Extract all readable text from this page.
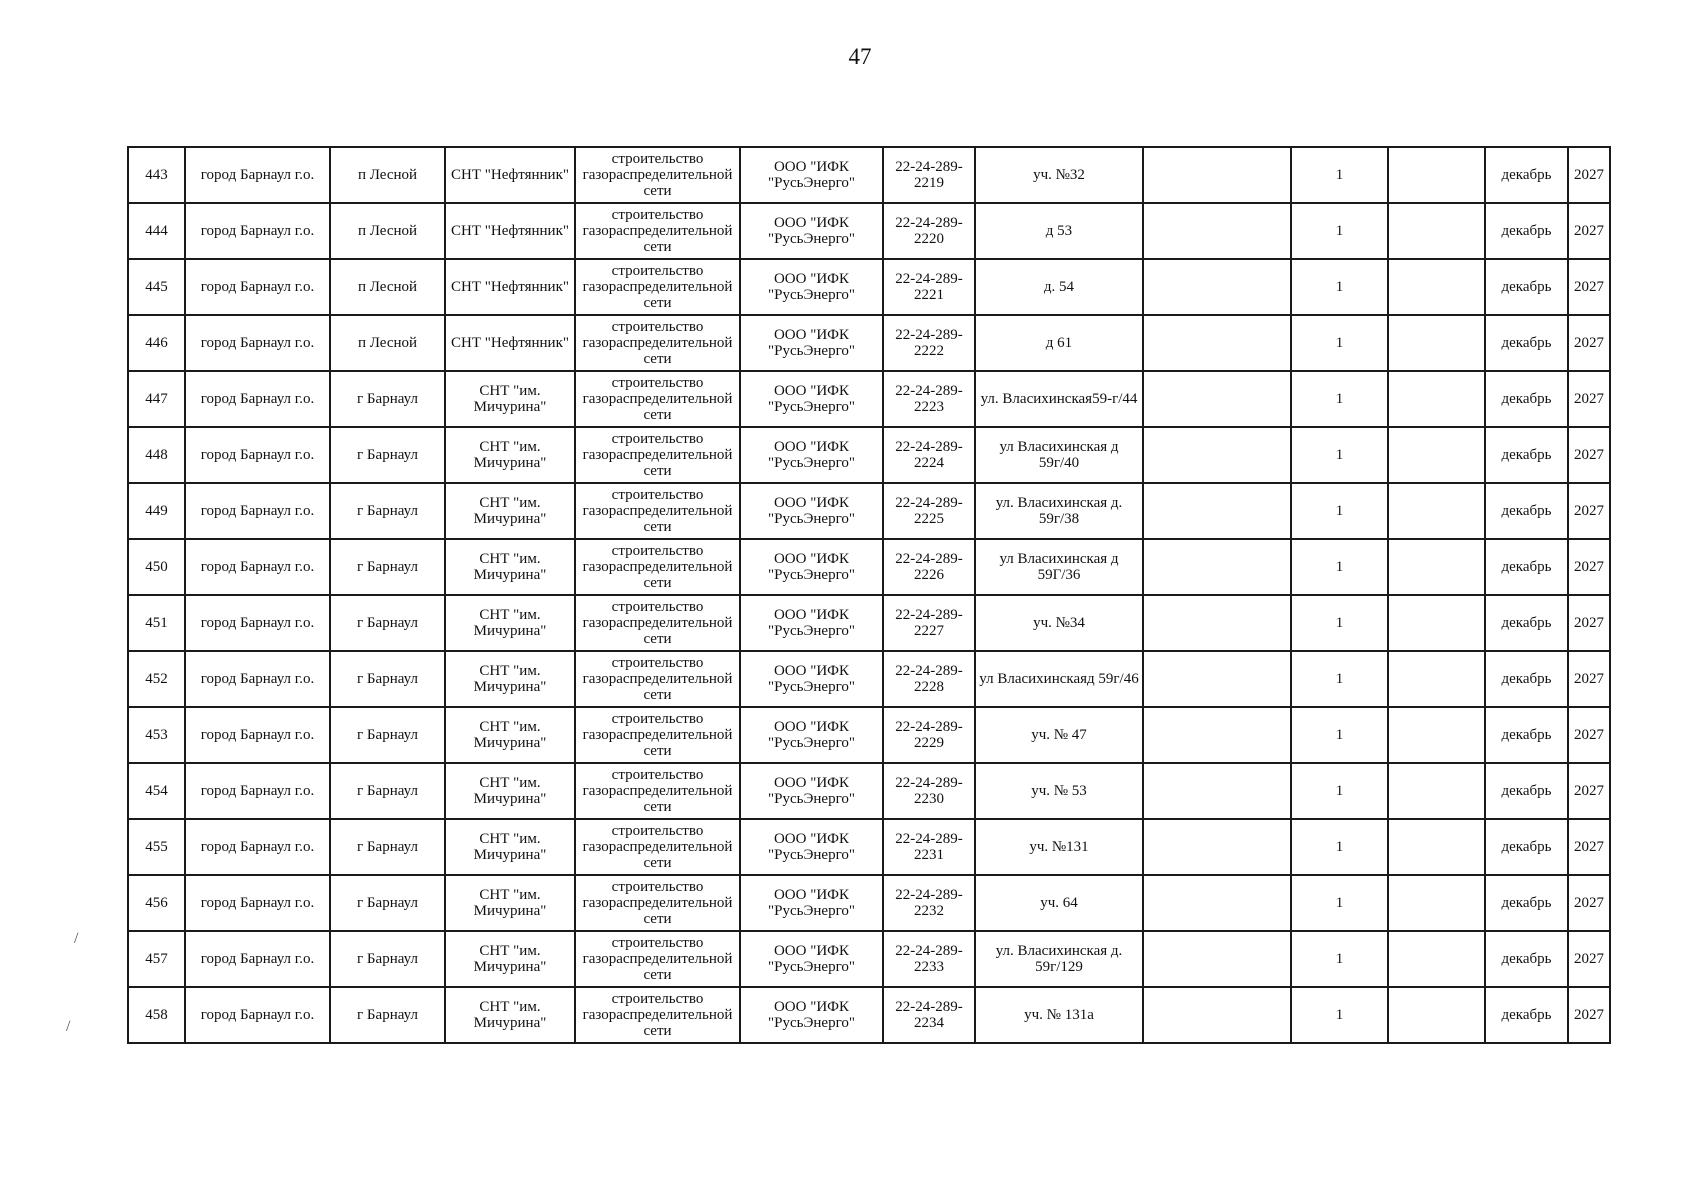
47
443	город Барнаул г.о.	п Лесной	СНТ "Нефтянник"	строительство газораспределительной сети	ООО "ИФК "РусьЭнерго"	22-24-289-2219	уч. №32		1		декабрь	2027
444	город Барнаул г.о.	п Лесной	СНТ "Нефтянник"	строительство газораспределительной сети	ООО "ИФК "РусьЭнерго"	22-24-289-2220	д 53		1		декабрь	2027
445	город Барнаул г.о.	п Лесной	СНТ "Нефтянник"	строительство газораспределительной сети	ООО "ИФК "РусьЭнерго"	22-24-289-2221	д. 54		1		декабрь	2027
446	город Барнаул г.о.	п Лесной	СНТ "Нефтянник"	строительство газораспределительной сети	ООО "ИФК "РусьЭнерго"	22-24-289-2222	д 61		1		декабрь	2027
447	город Барнаул г.о.	г Барнаул	СНТ "им. Мичурина"	строительство газораспределительной сети	ООО "ИФК "РусьЭнерго"	22-24-289-2223	ул. Власихинская59-г/44		1		декабрь	2027
448	город Барнаул г.о.	г Барнаул	СНТ "им. Мичурина"	строительство газораспределительной сети	ООО "ИФК "РусьЭнерго"	22-24-289-2224	ул Власихинская д 59г/40		1		декабрь	2027
449	город Барнаул г.о.	г Барнаул	СНТ "им. Мичурина"	строительство газораспределительной сети	ООО "ИФК "РусьЭнерго"	22-24-289-2225	ул. Власихинская д. 59г/38		1		декабрь	2027
450	город Барнаул г.о.	г Барнаул	СНТ "им. Мичурина"	строительство газораспределительной сети	ООО "ИФК "РусьЭнерго"	22-24-289-2226	ул Власихинская д 59Г/36		1		декабрь	2027
451	город Барнаул г.о.	г Барнаул	СНТ "им. Мичурина"	строительство газораспределительной сети	ООО "ИФК "РусьЭнерго"	22-24-289-2227	уч. №34		1		декабрь	2027
452	город Барнаул г.о.	г Барнаул	СНТ "им. Мичурина"	строительство газораспределительной сети	ООО "ИФК "РусьЭнерго"	22-24-289-2228	ул Власихинскаяд 59г/46		1		декабрь	2027
453	город Барнаул г.о.	г Барнаул	СНТ "им. Мичурина"	строительство газораспределительной сети	ООО "ИФК "РусьЭнерго"	22-24-289-2229	уч. № 47		1		декабрь	2027
454	город Барнаул г.о.	г Барнаул	СНТ "им. Мичурина"	строительство газораспределительной сети	ООО "ИФК "РусьЭнерго"	22-24-289-2230	уч. № 53		1		декабрь	2027
455	город Барнаул г.о.	г Барнаул	СНТ "им. Мичурина"	строительство газораспределительной сети	ООО "ИФК "РусьЭнерго"	22-24-289-2231	уч. №131		1		декабрь	2027
456	город Барнаул г.о.	г Барнаул	СНТ "им. Мичурина"	строительство газораспределительной сети	ООО "ИФК "РусьЭнерго"	22-24-289-2232	уч. 64		1		декабрь	2027
457	город Барнаул г.о.	г Барнаул	СНТ "им. Мичурина"	строительство газораспределительной сети	ООО "ИФК "РусьЭнерго"	22-24-289-2233	ул. Власихинская д. 59г/129		1		декабрь	2027
458	город Барнаул г.о.	г Барнаул	СНТ "им. Мичурина"	строительство газораспределительной сети	ООО "ИФК "РусьЭнерго"	22-24-289-2234	уч. № 131а		1		декабрь	2027
/
/
